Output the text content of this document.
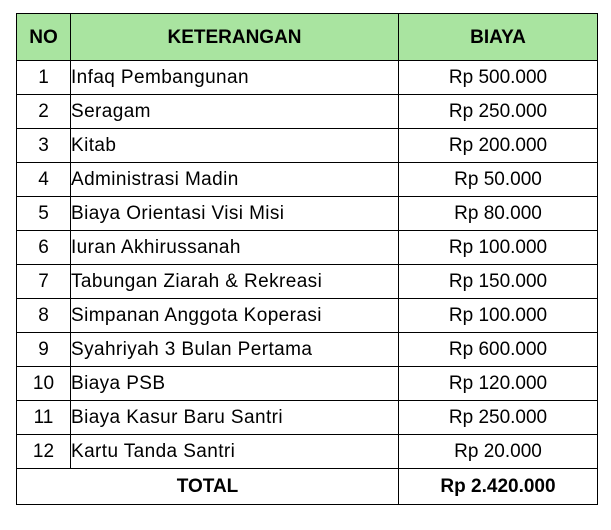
NO	KETERANGAN	BIAYA
1	Infaq Pembangunan	Rp 500.000
2	Seragam	Rp 250.000
3	Kitab	Rp 200.000
4	Administrasi Madin	Rp 50.000
5	Biaya Orientasi Visi Misi	Rp 80.000
6	Iuran Akhirussanah	Rp 100.000
7	Tabungan Ziarah & Rekreasi	Rp 150.000
8	Simpanan Anggota Koperasi	Rp 100.000
9	Syahriyah 3 Bulan Pertama	Rp 600.000
10	Biaya PSB	Rp 120.000
11	Biaya Kasur Baru Santri	Rp 250.000
12	Kartu Tanda Santri	Rp 20.000
TOTAL		Rp 2.420.000
